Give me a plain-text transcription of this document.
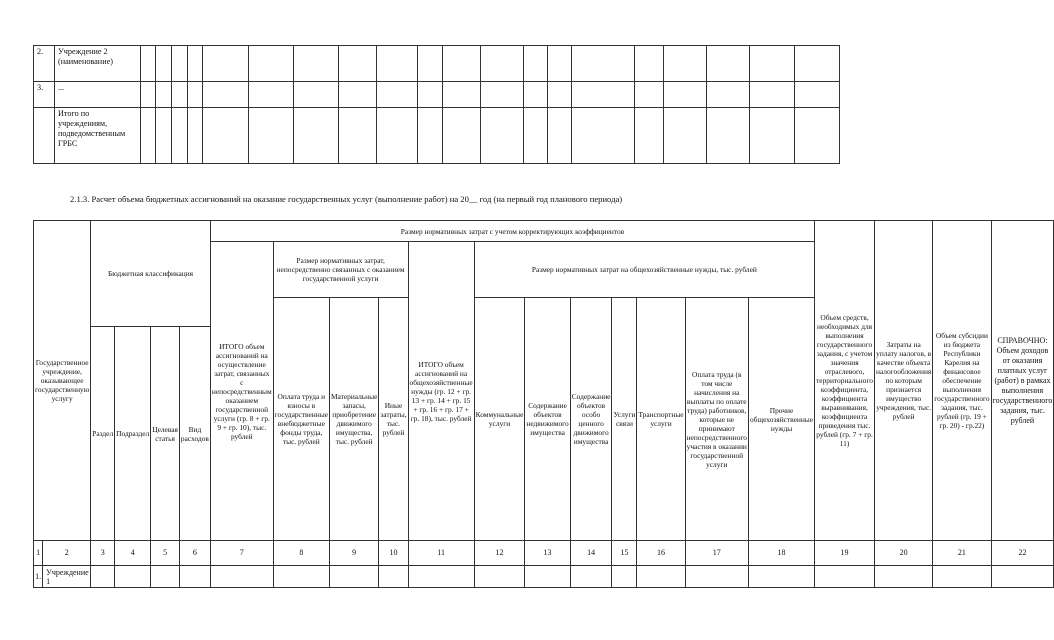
2.	Учреждение 2 (наименование)																				
3.	...																				
	Итого по учреждениям, подведомственным ГРБС																				
2.1.3. Расчет объема бюджетных ассигнований на оказание государственных услуг (выполнение работ) на 20__ год (на первый год планового периода)
Государственное учреждение, оказывающее государственную услугу		Бюджетная классификация				Размер нормативных затрат с учетом корректирующих коэффициентов												Объем средств, необходимых для выполнения государственного задания, с учетом значения отраслевого, территориального коэффициента, коэффициента выравнивания, коэффициента приведения тыс. рублей (гр. 7 + гр. 11)	Затраты на уплату налогов, в качестве объекта налогообложения по которым признается имущество учреждения, тыс. рублей	Объем субсидии из бюджета Республики Карелия на финансовое обеспечение выполнения государственного задания, тыс. рублей (гр. 19 + гр. 20) - гр.22)	СПРАВОЧНО: Объем доходов от оказания платных услуг (работ) в рамках выполнения государственного задания, тыс. рублей
						ИТОГО объем ассигнований на осуществление затрат, связанных с непосредственным оказанием государственной услуги (гр. 8 + гр. 9 + гр. 10), тыс. рублей	Размер нормативных затрат, непосредственно связанных с оказанием государственной услуги			ИТОГО объем ассигнований на общехозяйственные нужды (гр. 12 + гр. 13 + гр. 14 + гр. 15 + гр. 16 + гр. 17 + гр. 18), тыс. рублей	Размер нормативных затрат на общехозяйственные нужды, тыс. рублей										
							Оплата труда и взносы в государственные внебюджетные фонды труда, тыс. рублей	Материальные запасы, приобретение движимого имущества, тыс. рублей	Иные затраты, тыс. рублей		Коммунальные услуги	Содержание объектов недвижимого имущества	Содержание объектов особо ценного движимого имущества	Услуги связи	Транспортные услуги	Оплата труда (в том числе начисления на выплаты по оплате труда) работников, которые не принимают непосредственного участия в оказании государственной услуги	Прочие общехозяйственные нужды				
		Раздел	Подраздел	Целевая статья	Вид расходов																
1	2	3	4	5	6	7	8	9	10	11	12	13	14	15	16	17	18	19	20	21	22
1.	Учреждение 1																				
